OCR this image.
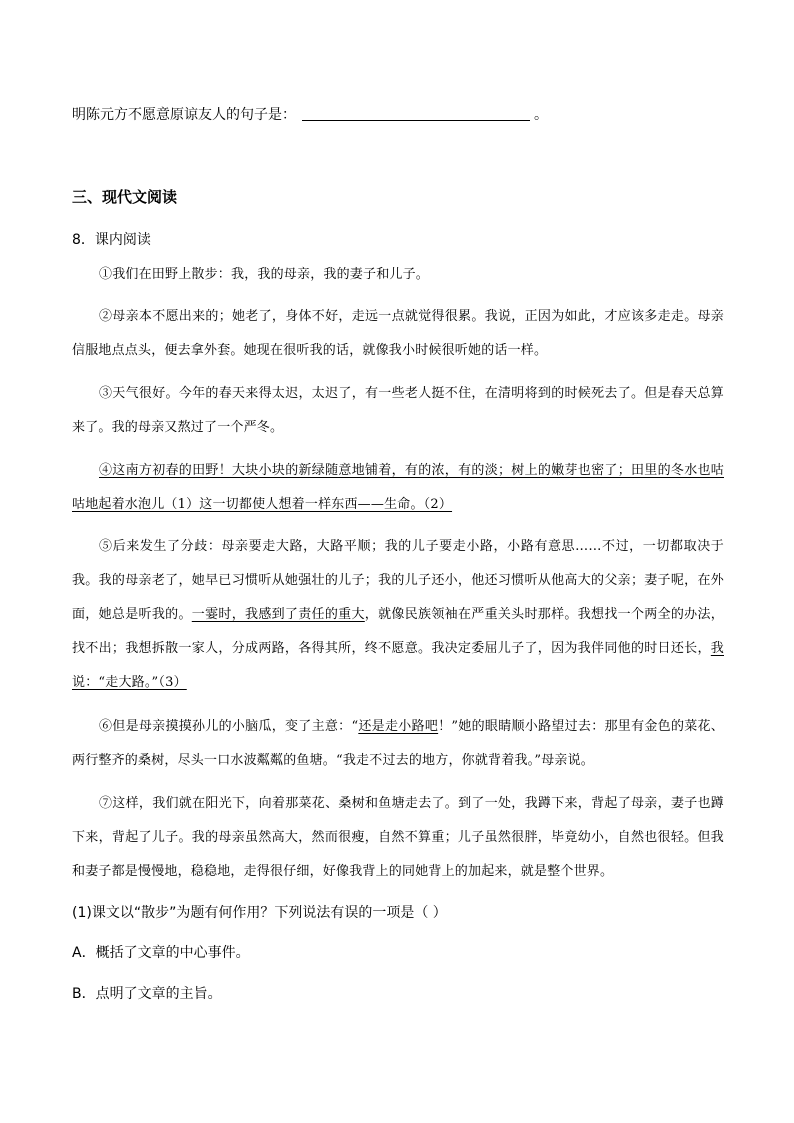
明陈元方不愿意原谅友人的句子是：	。
三、现代文阅读
8．课内阅读

①我们在田野上散步：我，我的母亲，我的妻子和儿子。

②母亲本不愿出来的；她老了，身体不好，走远一点就觉得很累。我说，正因为如此，才应该多走走。母亲信服地点点头，便去拿外套。她现在很听我的话，就像我小时候很听她的话一样。

③天气很好。今年的春天来得太迟，太迟了，有一些老人挺不住，在清明将到的时候死去了。但是春天总算来了。我的母亲又熬过了一个严冬。

④这南方初春的田野！大块小块的新绿随意地铺着，有的浓，有的淡；树上的嫩芽也密了；田里的冬水也咕咕地起着水泡儿（1）这一切都使人想着一样东西——生命。（2）

⑤后来发生了分歧：母亲要走大路，大路平顺；我的儿子要走小路，小路有意思……不过，一切都取决于我。我的母亲老了，她早已习惯听从她强壮的儿子；我的儿子还小，他还习惯听从他高大的父亲；妻子呢，在外面，她总是听我的。一霎时，我感到了责任的重大，就像民族领袖在严重关头时那样。我想找一个两全的办法，找不出；我想拆散一家人，分成两路，各得其所，终不愿意。我决定委屈儿子了，因为我伴同他的时日还长，我说：“走大路。”（3）

⑥但是母亲摸摸孙儿的小脑瓜，变了主意：“还是走小路吧！”她的眼睛顺小路望过去：那里有金色的菜花、两行整齐的桑树，尽头一口水波粼粼的鱼塘。“我走不过去的地方，你就背着我。”母亲说。

⑦这样，我们就在阳光下，向着那菜花、桑树和鱼塘走去了。到了一处，我蹲下来，背起了母亲，妻子也蹲下来，背起了儿子。我的母亲虽然高大，然而很瘦，自然不算重；儿子虽然很胖，毕竟幼小，自然也很轻。但我和妻子都是慢慢地，稳稳地，走得很仔细，好像我背上的同她背上的加起来，就是整个世界。

(1)课文以“散步”为题有何作用？下列说法有误的一项是（ ）
A．概括了文章的中心事件。
B．点明了文章的主旨。
